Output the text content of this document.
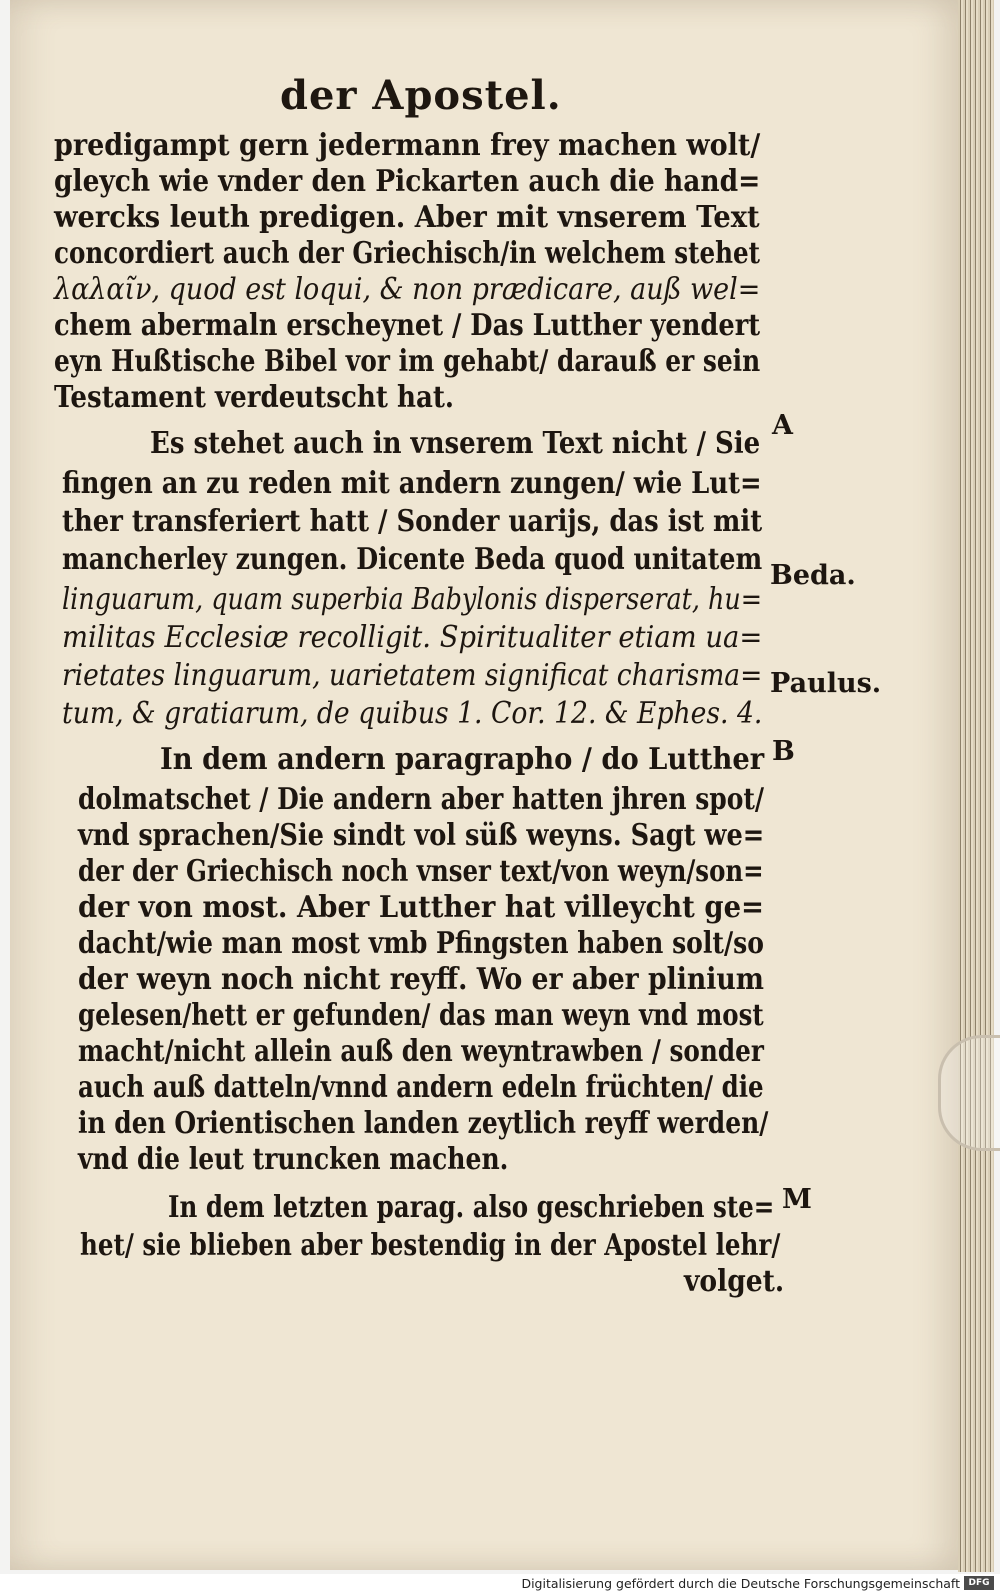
der Apostel.
predigampt gern jedermann frey machen wolt/
gleych wie vnder den Pickarten auch die hand=
wercks leuth predigen. Aber mit vnserem Text
concordiert auch der Griechisch/in welchem stehet
λαλαῖν, quod est loqui, & non prædicare, auß wel=
chem abermaln erscheynet / Das Lutther yendert
eyn Hußtische Bibel vor im gehabt/ darauß er sein
Testament verdeutscht hat.
Es stehet auch in vnserem Text nicht / Sie
fingen an zu reden mit andern zungen/ wie Lut=
ther transferiert hatt / Sonder uarijs, das ist mit
mancherley zungen. Dicente Beda quod unitatem
linguarum, quam superbia Babylonis disperserat, hu=
militas Ecclesiæ recolligit. Spiritualiter etiam ua=
rietates linguarum, uarietatem significat charisma=
tum, & gratiarum, de quibus 1. Cor. 12. & Ephes. 4.
In dem andern paragrapho / do Lutther
dolmatschet / Die andern aber hatten jhren spot/
vnd sprachen/Sie sindt vol süß weyns. Sagt we=
der der Griechisch noch vnser text/von weyn/son=
der von most. Aber Lutther hat villeycht ge=
dacht/wie man most vmb Pfingsten haben solt/so
der weyn noch nicht reyff. Wo er aber plinium
gelesen/hett er gefunden/ das man weyn vnd most
macht/nicht allein auß den weyntrawben / sonder
auch auß datteln/vnnd andern edeln früchten/ die
in den Orientischen landen zeytlich reyff werden/
vnd die leut truncken machen.
In dem letzten parag. also geschrieben ste=
het/ sie blieben aber bestendig in der Apostel lehr/
volget.
A
Beda.
Paulus.
B
M
Digitalisierung gefördert durch die Deutsche Forschungsgemeinschaft DFG
